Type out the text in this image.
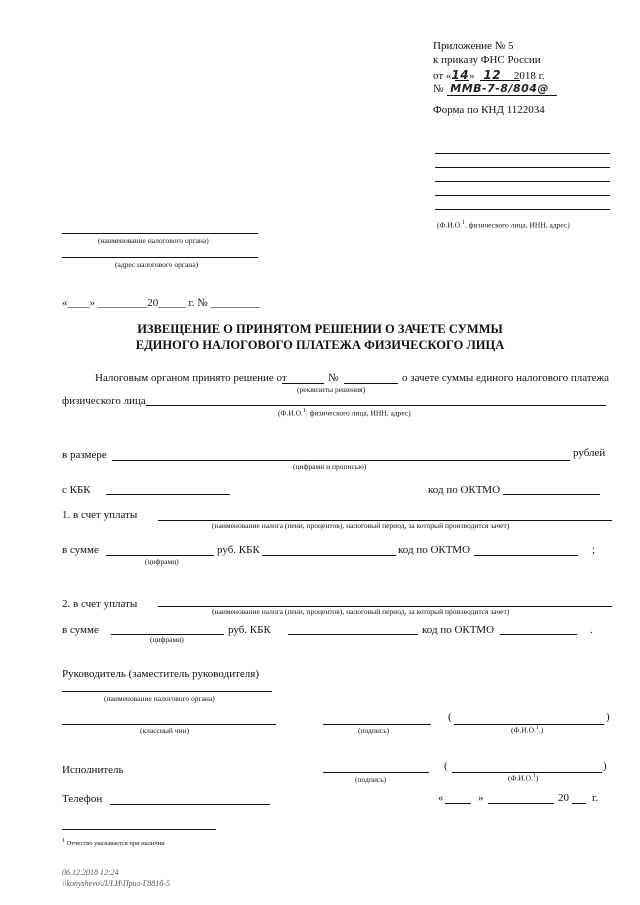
Приложение № 5
к приказу ФНС России
от «14» 12 2018 г.
№ ММВ-7-8/804@
Форма по КНД 1122034
(Ф.И.О.$^1$. физического лица, ИНН, адрес)
(наименование налогового органа)
(адрес налогового органа)
«____» _________20_____ г. № _________
ИЗВЕЩЕНИЕ О ПРИНЯТОМ РЕШЕНИИ О ЗАЧЕТЕ СУММЫ
ЕДИНОГО НАЛОГОВОГО ПЛАТЕЖА ФИЗИЧЕСКОГО ЛИЦА
Налоговым органом принято решение от	№	о зачете суммы единого налогового платежа
(реквизиты решения)
физического лица
(Ф.И.О.$^1$. физического лица, ИНН, адрес)
в размере	рублей
(цифрами и прописью)
с КБК	код по ОКТМО
1. в счет уплаты
(наименование налога (пени, процентов), налоговый период, за который производится зачет)
в сумме	руб. КБК	код по ОКТМО	;
(цифрами)
2. в счет уплаты
(наименование налога (пени, процентов), налоговый период, за который производится зачет)
в сумме	руб. КБК	код по ОКТМО	.
(цифрами)
Руководитель (заместитель руководителя)
(наименование налогового органа)
(классный чин)	(подпись)
(	)
(Ф.И.О.$^1$.)
Исполнитель
(подпись)
(	)
(Ф.И.О.$^1$)
Телефон	«	»	20 г.
$^1$ Отчество указывается при наличии
06.12.2018 12:24
\\konyshevo\ЛЛ.И\Прил-Г881б-5
